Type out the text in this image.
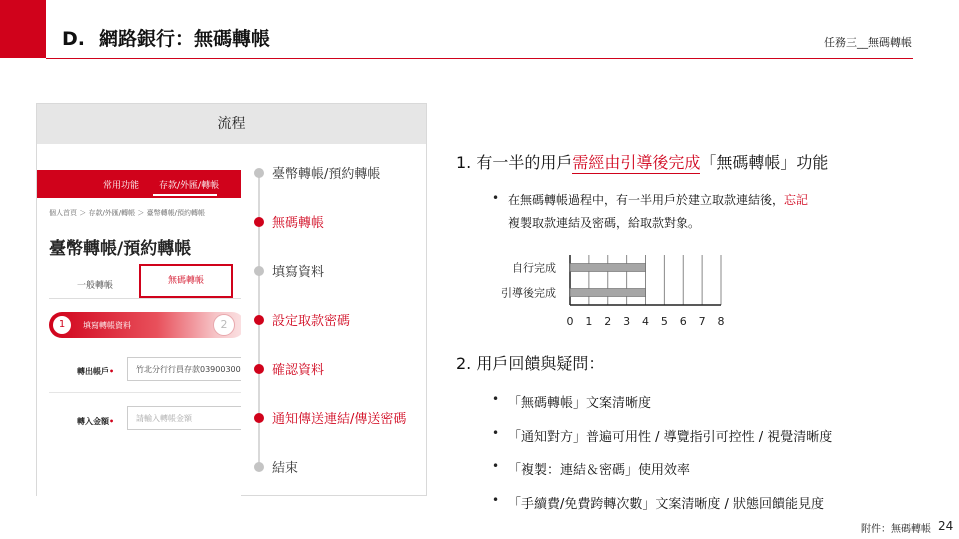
D. 網路銀行：無碼轉帳	任務三__無碼轉帳
流程
常用功能 存款/外匯/轉帳
個人首頁 ＞ 存款/外匯/轉帳 ＞ 臺幣轉帳/預約轉帳
臺幣轉帳/預約轉帳
一般轉帳	無碼轉帳
1	填寫轉帳資料	2
轉出帳戶•	竹北分行行員存款03900300
轉入金額•	請輸入轉帳金額
臺幣轉帳/預約轉帳
無碼轉帳
填寫資料
設定取款密碼
確認資料
通知傳送連結/傳送密碼
結束
1. 有一半的用戶需經由引導後完成「無碼轉帳」功能
• 在無碼轉帳過程中，有一半用戶於建立取款連結後，忘記
複製取款連結及密碼，給取款對象。
0 1 2 3 4 5 6 7 8
自行完成
引導後完成
2. 用戶回饋與疑問：
附件：無碼轉帳 24
• 「無碼轉帳」文案清晰度
• 「通知對方」普遍可用性 / 導覽指引可控性 / 視覺清晰度
• 「複製：連結＆密碼」使用效率
• 「手續費/免費跨轉次數」文案清晰度 / 狀態回饋能見度
